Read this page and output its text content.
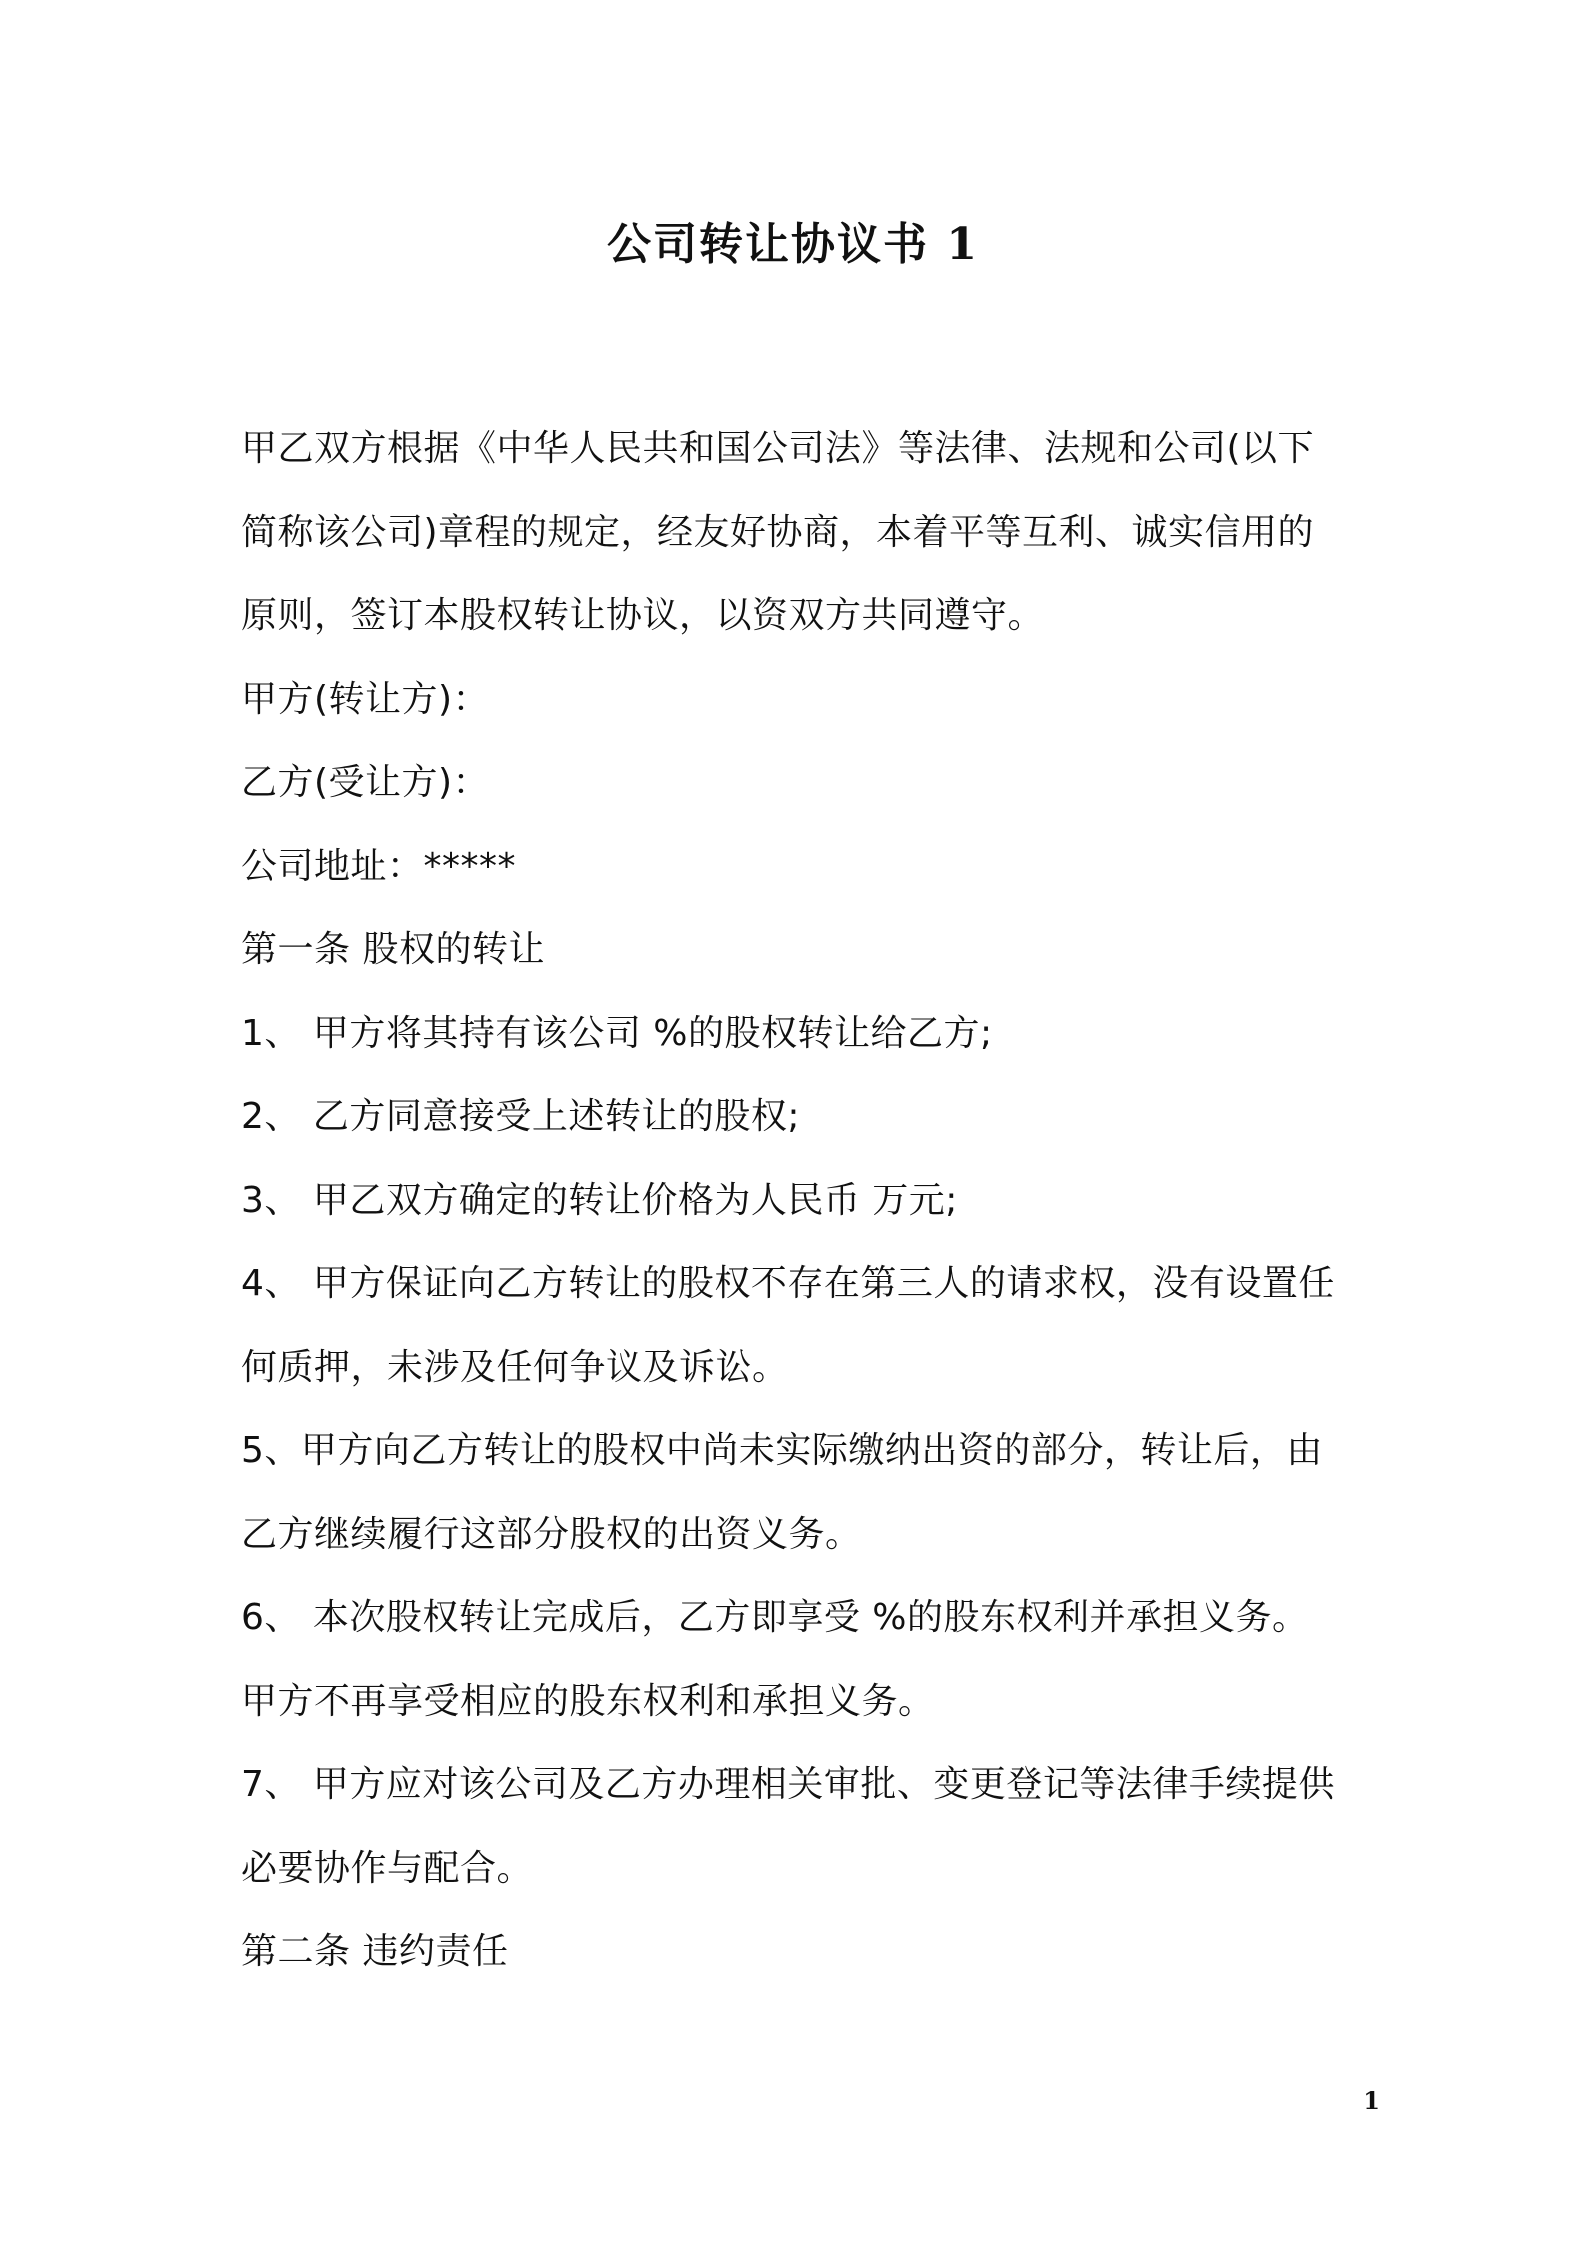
公司转让协议书 1
甲乙双方根据《中华人民共和国公司法》等法律、法规和公司(以下
简称该公司)章程的规定，经友好协商，本着平等互利、诚实信用的
原则，签订本股权转让协议，以资双方共同遵守。
甲方(转让方)：
乙方(受让方)：
公司地址：*****
第一条 股权的转让
1、 甲方将其持有该公司 %的股权转让给乙方;
2、 乙方同意接受上述转让的股权;
3、 甲乙双方确定的转让价格为人民币 万元;
4、 甲方保证向乙方转让的股权不存在第三人的请求权，没有设置任
何质押，未涉及任何争议及诉讼。
5、甲方向乙方转让的股权中尚未实际缴纳出资的部分，转让后，由
乙方继续履行这部分股权的出资义务。
6、 本次股权转让完成后，乙方即享受 %的股东权利并承担义务。
甲方不再享受相应的股东权利和承担义务。
7、 甲方应对该公司及乙方办理相关审批、变更登记等法律手续提供
必要协作与配合。
第二条 违约责任
1
